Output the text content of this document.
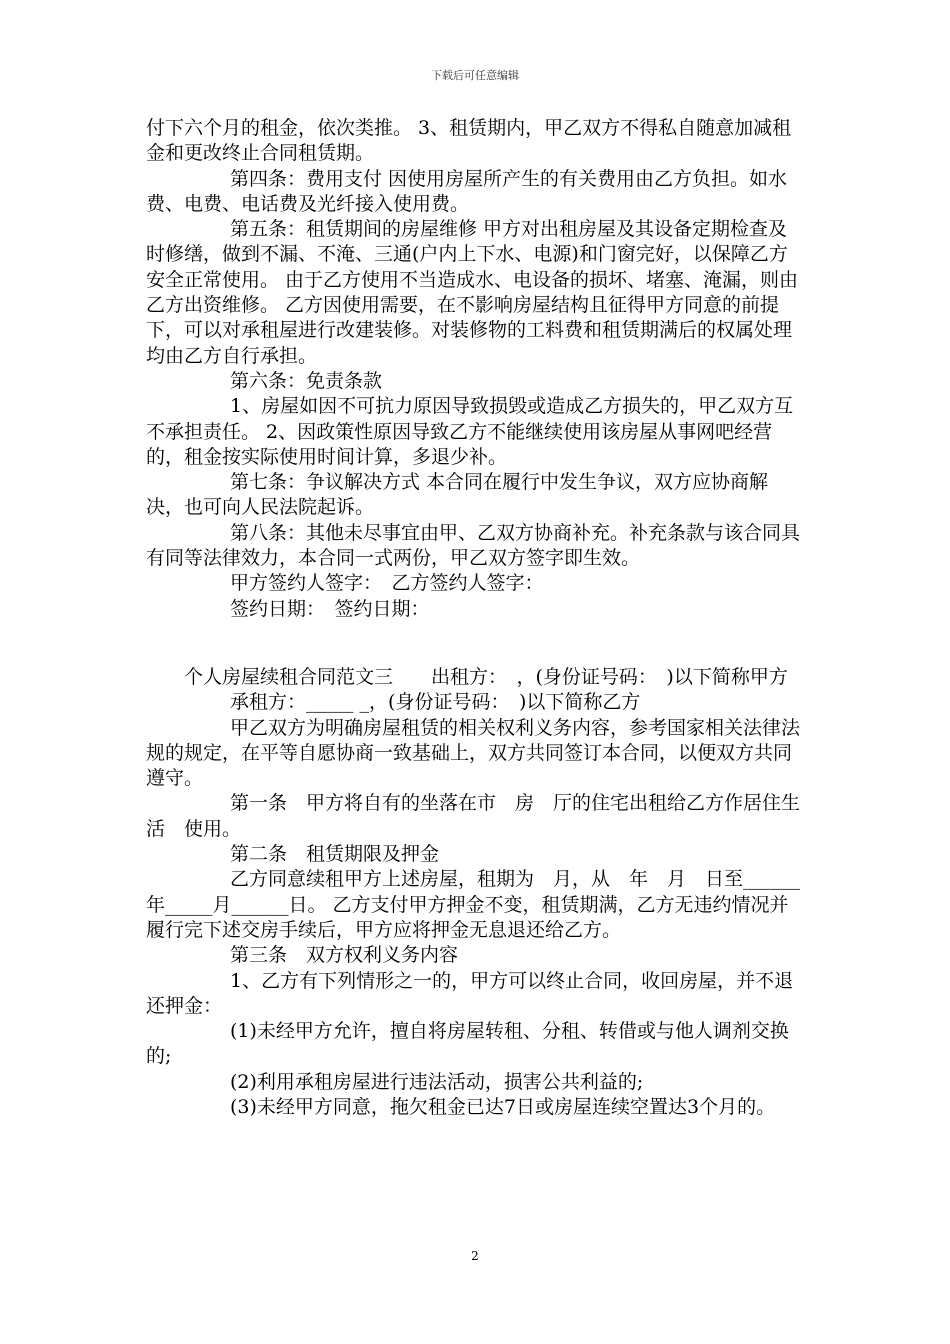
下载后可任意编辑

付下六个月的租金，依次类推。 3、租赁期内，甲乙双方不得私自随意加减租金和更改终止合同租赁期。

第四条：费用支付 因使用房屋所产生的有关费用由乙方负担。如水费、电费、电话费及光纤接入使用费。

第五条：租赁期间的房屋维修 甲方对出租房屋及其设备定期检查及时修缮，做到不漏、不淹、三通(户内上下水、电源)和门窗完好，以保障乙方安全正常使用。 由于乙方使用不当造成水、电设备的损坏、堵塞、淹漏，则由乙方出资维修。 乙方因使用需要，在不影响房屋结构且征得甲方同意的前提下，可以对承租屋进行改建装修。对装修物的工料费和租赁期满后的权属处理均由乙方自行承担。

第六条：免责条款

1、房屋如因不可抗力原因导致损毁或造成乙方损失的，甲乙双方互不承担责任。 2、因政策性原因导致乙方不能继续使用该房屋从事网吧经营的，租金按实际使用时间计算，多退少补。

第七条：争议解决方式 本合同在履行中发生争议，双方应协商解决，也可向人民法院起诉。

第八条：其他未尽事宜由甲、乙双方协商补充。补充条款与该合同具有同等法律效力，本合同一式两份，甲乙双方签字即生效。

甲方签约人签字：　乙方签约人签字：

签约日期：　签约日期：

　　个人房屋续租合同范文三　　出租方：　，(身份证号码：　)以下简称甲方

承租方：_____ _，(身份证号码：　)以下简称乙方

甲乙双方为明确房屋租赁的相关权利义务内容，参考国家相关法律法规的规定，在平等自愿协商一致基础上，双方共同签订本合同，以便双方共同遵守。

第一条　甲方将自有的坐落在市　房　厅的住宅出租给乙方作居住生活　使用。

第二条　租赁期限及押金

乙方同意续租甲方上述房屋，租期为　月，从　年　月　日至______年_____月______日。 乙方支付甲方押金不变，租赁期满，乙方无违约情况并履行完下述交房手续后，甲方应将押金无息退还给乙方。

第三条　双方权利义务内容

1、乙方有下列情形之一的，甲方可以终止合同，收回房屋，并不退还押金：

(1)未经甲方允许，擅自将房屋转租、分租、转借或与他人调剂交换的;

(2)利用承租房屋进行违法活动，损害公共利益的;

(3)未经甲方同意，拖欠租金已达7日或房屋连续空置达3个月的。

2
